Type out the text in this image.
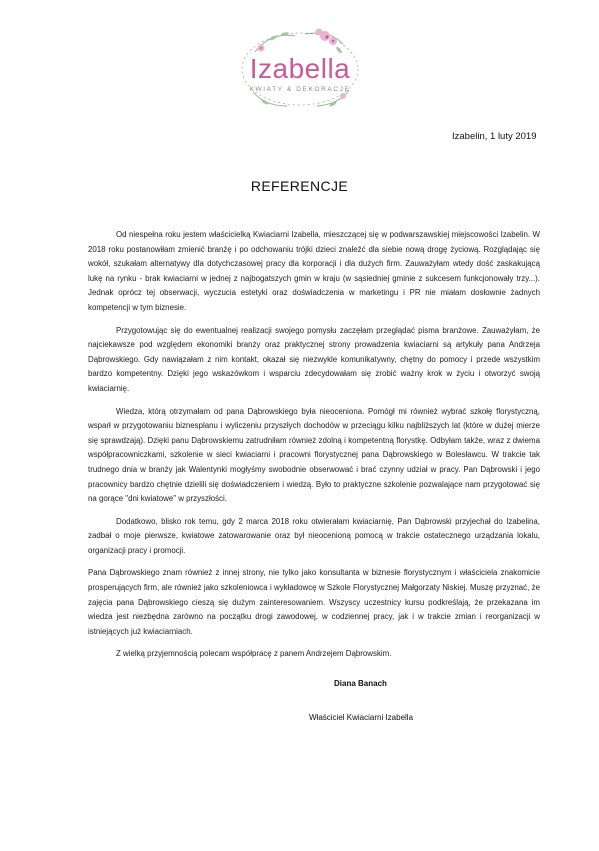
Izabella
KWIATY & DEKORACJE
Izabelin, 1 luty 2019
REFERENCJE

Od niespełna roku jestem właścicielką Kwiaciarni Izabella, mieszczącej się w podwarszawskiej miejscowości Izabelin. W 2018 roku postanowiłam zmienić branżę i po odchowaniu trójki dzieci znaleźć dla siebie nową drogę życiową. Rozglądając się wokół, szukałam alternatywy dla dotychczasowej pracy dla korporacji i dla dużych firm. Zauważyłam wtedy dość zaskakującą lukę na rynku - brak kwiaciarni w jednej z najbogatszych gmin w kraju (w sąsiedniej gminie z sukcesem funkcjonowały trzy...). Jednak oprócz tej obserwacji, wyczucia estetyki oraz doświadczenia w marketingu i PR nie miałam dosłownie żadnych kompetencji w tym biznesie.

Przygotowując się do ewentualnej realizacji swojego pomysłu zaczęłam przeglądać pisma branżowe. Zauważyłam, że najciekawsze pod względem ekonomiki branży oraz praktycznej strony prowadzenia kwiaciarni są artykuły pana Andrzeja Dąbrowskiego. Gdy nawiązałam z nim kontakt, okazał się niezwykle komunikatywny, chętny do pomocy i przede wszystkim bardzo kompetentny. Dzięki jego wskazówkom i wsparciu zdecydowałam się zrobić ważny krok w życiu i otworzyć swoją kwiaciarnię.

Wiedza, którą otrzymałam od pana Dąbrowskiego była nieoceniona. Pomógł mi również wybrać szkołę florystyczną, wsparł w przygotowaniu biznesplanu i wyliczeniu przyszłych dochodów w przeciągu kilku najbliższych lat (które w dużej mierze się sprawdzają). Dzięki panu Dąbrowskiemu zatrudniłam również zdolną i kompetentną florystkę. Odbyłam także, wraz z dwiema współpracowniczkami, szkolenie w sieci kwiaciarni i pracowni florystycznej pana Dąbrowskiego w Bolesławcu. W trakcie tak trudnego dnia w branży jak Walentynki mogłyśmy swobodnie obserwować i brać czynny udział w pracy. Pan Dąbrowski i jego pracownicy bardzo chętnie dzielili się doświadczeniem i wiedzą. Było to praktyczne szkolenie pozwalające nam przygotować się na gorące "dni kwiatowe" w przyszłości.

Dodatkowo, blisko rok temu, gdy 2 marca 2018 roku otwierałam kwiaciarnię, Pan Dąbrowski przyjechał do Izabelina, zadbał o moje pierwsze, kwiatowe zatowarowanie oraz był nieocenioną pomocą w trakcie ostatecznego urządzania lokalu, organizacji pracy i promocji.

Pana Dąbrowskiego znam również z innej strony, nie tylko jako konsultanta w biznesie florystycznym i właściciela znakomicie prosperujących firm, ale również jako szkoleniowca i wykładowcę w Szkole Florystycznej Małgorzaty Niskiej. Muszę przyznać, że zajęcia pana Dąbrowskiego cieszą się dużym zainteresowaniem. Wszyscy uczestnicy kursu podkreślają, że przekazana im wiedza jest niezbędna zarówno na początku drogi zawodowej, w codziennej pracy, jak i w trakcie zmian i reorganizacji w istniejących już kwiaciarniach.

Z wielką przyjemnością polecam współpracę z panem Andrzejem Dąbrowskim.

Diana Banach
Właściciel Kwiaciarni Izabella
